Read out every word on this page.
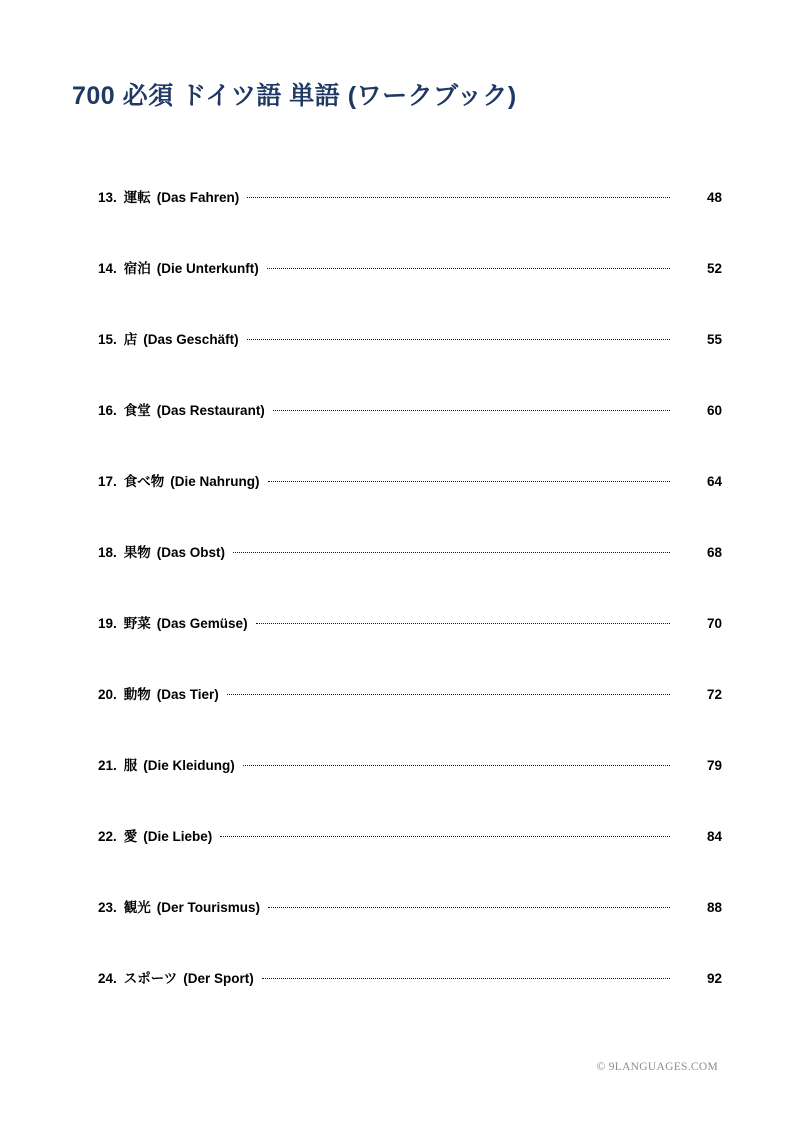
700 必須 ドイツ語 単語 (ワークブック)
13. 運転 (Das Fahren)	48
14. 宿泊 (Die Unterkunft)	52
15. 店 (Das Geschäft)	55
16. 食堂 (Das Restaurant)	60
17. 食べ物 (Die Nahrung)	64
18. 果物 (Das Obst)	68
19. 野菜 (Das Gemüse)	70
20. 動物 (Das Tier)	72
21. 服 (Die Kleidung)	79
22. 愛 (Die Liebe)	84
23. 観光 (Der Tourismus)	88
24. スポーツ (Der Sport)	92
© 9LANGUAGES.COM
